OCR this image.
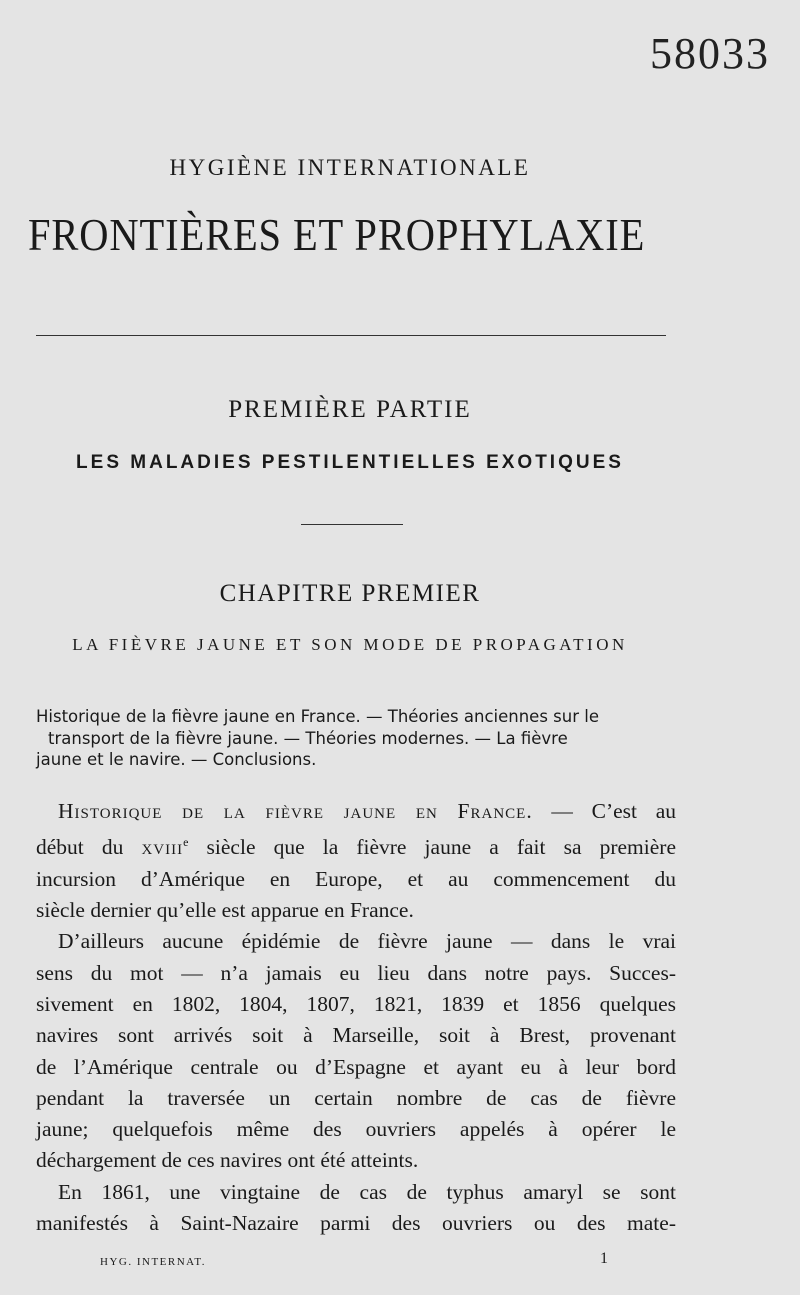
58033
HYGIÈNE INTERNATIONALE
FRONTIÈRES ET PROPHYLAXIE
PREMIÈRE PARTIE
LES MALADIES PESTILENTIELLES EXOTIQUES
CHAPITRE PREMIER
LA FIÈVRE JAUNE ET SON MODE DE PROPAGATION
Historique de la fièvre jaune en France. — Théories anciennes sur le
transport de la fièvre jaune. — Théories modernes. — La fièvre
jaune et le navire. — Conclusions.
Historique de la fièvre jaune en France. — C’est au
début du xviii$^e$ siècle que la fièvre jaune a fait sa première
incursion d’Amérique en Europe, et au commencement du
siècle dernier qu’elle est apparue en France.
D’ailleurs aucune épidémie de fièvre jaune — dans le vrai
sens du mot — n’a jamais eu lieu dans notre pays. Succes-
sivement en 1802, 1804, 1807, 1821, 1839 et 1856 quelques
navires sont arrivés soit à Marseille, soit à Brest, provenant
de l’Amérique centrale ou d’Espagne et ayant eu à leur bord
pendant la traversée un certain nombre de cas de fièvre
jaune; quelquefois même des ouvriers appelés à opérer le
déchargement de ces navires ont été atteints.
En 1861, une vingtaine de cas de typhus amaryl se sont
manifestés à Saint-Nazaire parmi des ouvriers ou des mate-
HYG. INTERNAT.	1
